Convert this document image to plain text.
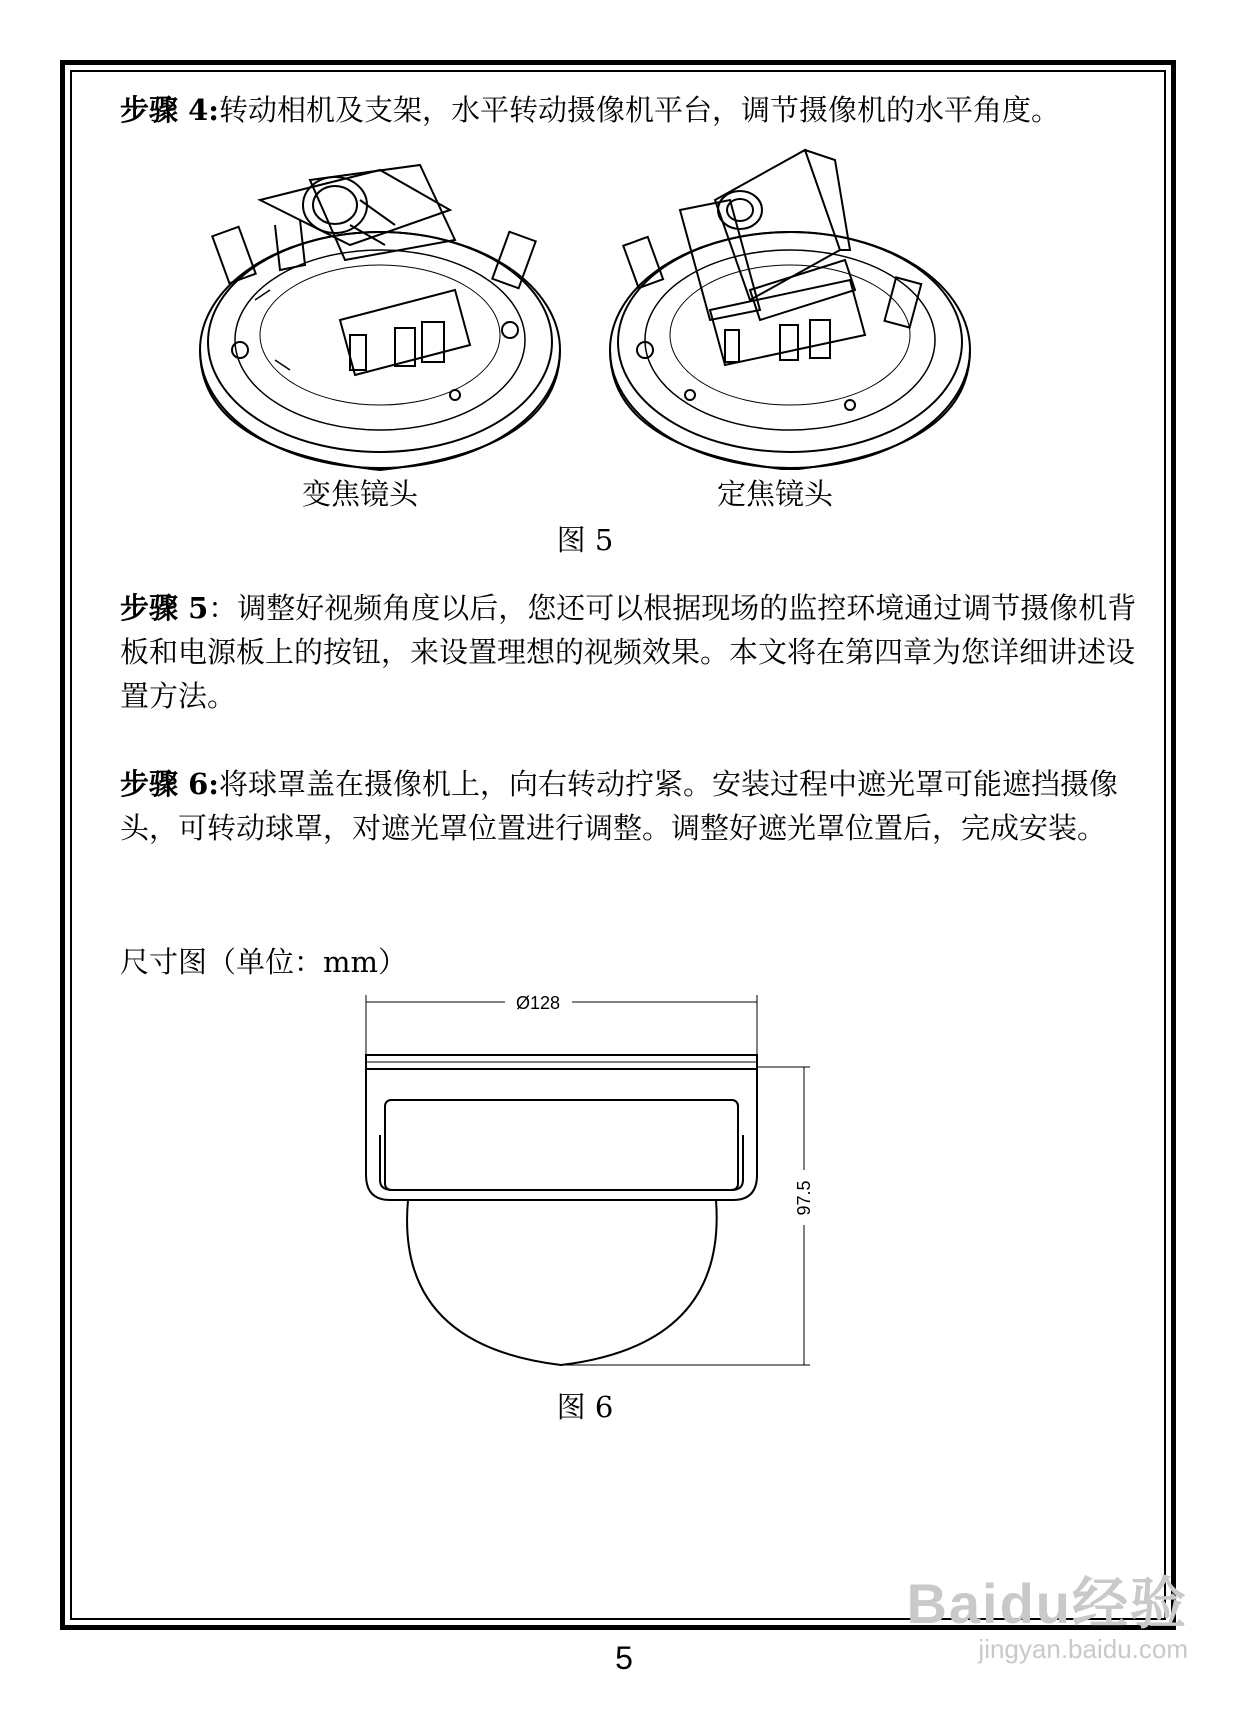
步骤 4:转动相机及支架，水平转动摄像机平台，调节摄像机的水平角度。
变焦镜头	定焦镜头
图 5
步骤 5：调整好视频角度以后，您还可以根据现场的监控环境通过调节摄像机背板和电源板上的按钮，来设置理想的视频效果。本文将在第四章为您详细讲述设置方法。
步骤 6:将球罩盖在摄像机上，向右转动拧紧。安装过程中遮光罩可能遮挡摄像头，可转动球罩，对遮光罩位置进行调整。调整好遮光罩位置后，完成安装。
尺寸图（单位：mm）
Ø128
97.5
图 6
Baidu经验
jingyan.baidu.com
5
